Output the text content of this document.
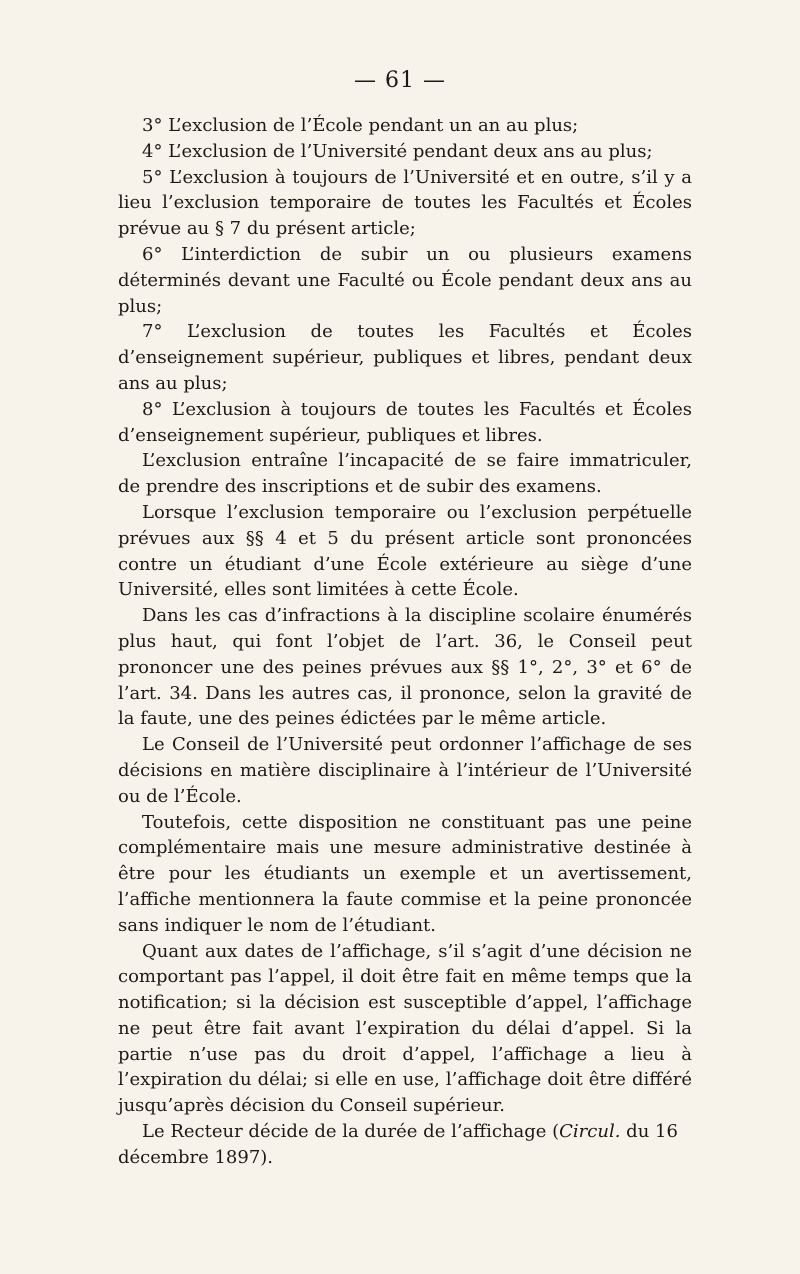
— 61 —

3° L’exclusion de l’École pendant un an au plus;

4° L’exclusion de l’Université pendant deux ans au plus;

5° L’exclusion à toujours de l’Université et en outre, s’il y a lieu l’exclusion temporaire de toutes les Facultés et Écoles prévue au § 7 du présent article;

6° L’interdiction de subir un ou plusieurs examens déterminés devant une Faculté ou École pendant deux ans au plus;

7° L’exclusion de toutes les Facultés et Écoles d’enseignement supérieur, publiques et libres, pendant deux ans au plus;

8° L’exclusion à toujours de toutes les Facultés et Écoles d’enseignement supérieur, publiques et libres.

L’exclusion entraîne l’incapacité de se faire immatriculer, de prendre des inscriptions et de subir des examens.

Lorsque l’exclusion temporaire ou l’exclusion perpétuelle prévues aux §§ 4 et 5 du présent article sont prononcées contre un étudiant d’une École extérieure au siège d’une Université, elles sont limitées à cette École.

Dans les cas d’infractions à la discipline scolaire énumérés plus haut, qui font l’objet de l’art. 36, le Conseil peut prononcer une des peines prévues aux §§ 1°, 2°, 3° et 6° de l’art. 34. Dans les autres cas, il prononce, selon la gravité de la faute, une des peines édictées par le même article.

Le Conseil de l’Université peut ordonner l’affichage de ses décisions en matière disciplinaire à l’intérieur de l’Université ou de l’École.

Toutefois, cette disposition ne constituant pas une peine complémentaire mais une mesure administrative destinée à être pour les étudiants un exemple et un avertissement, l’affiche mentionnera la faute commise et la peine prononcée sans indiquer le nom de l’étudiant.

Quant aux dates de l’affichage, s’il s’agit d’une décision ne comportant pas l’appel, il doit être fait en même temps que la notification; si la décision est susceptible d’appel, l’affichage ne peut être fait avant l’expiration du délai d’appel. Si la partie n’use pas du droit d’appel, l’affichage a lieu à l’expiration du délai; si elle en use, l’affichage doit être différé jusqu’après décision du Conseil supérieur.

Le Recteur décide de la durée de l’affichage (Circul. du 16 décembre 1897).
